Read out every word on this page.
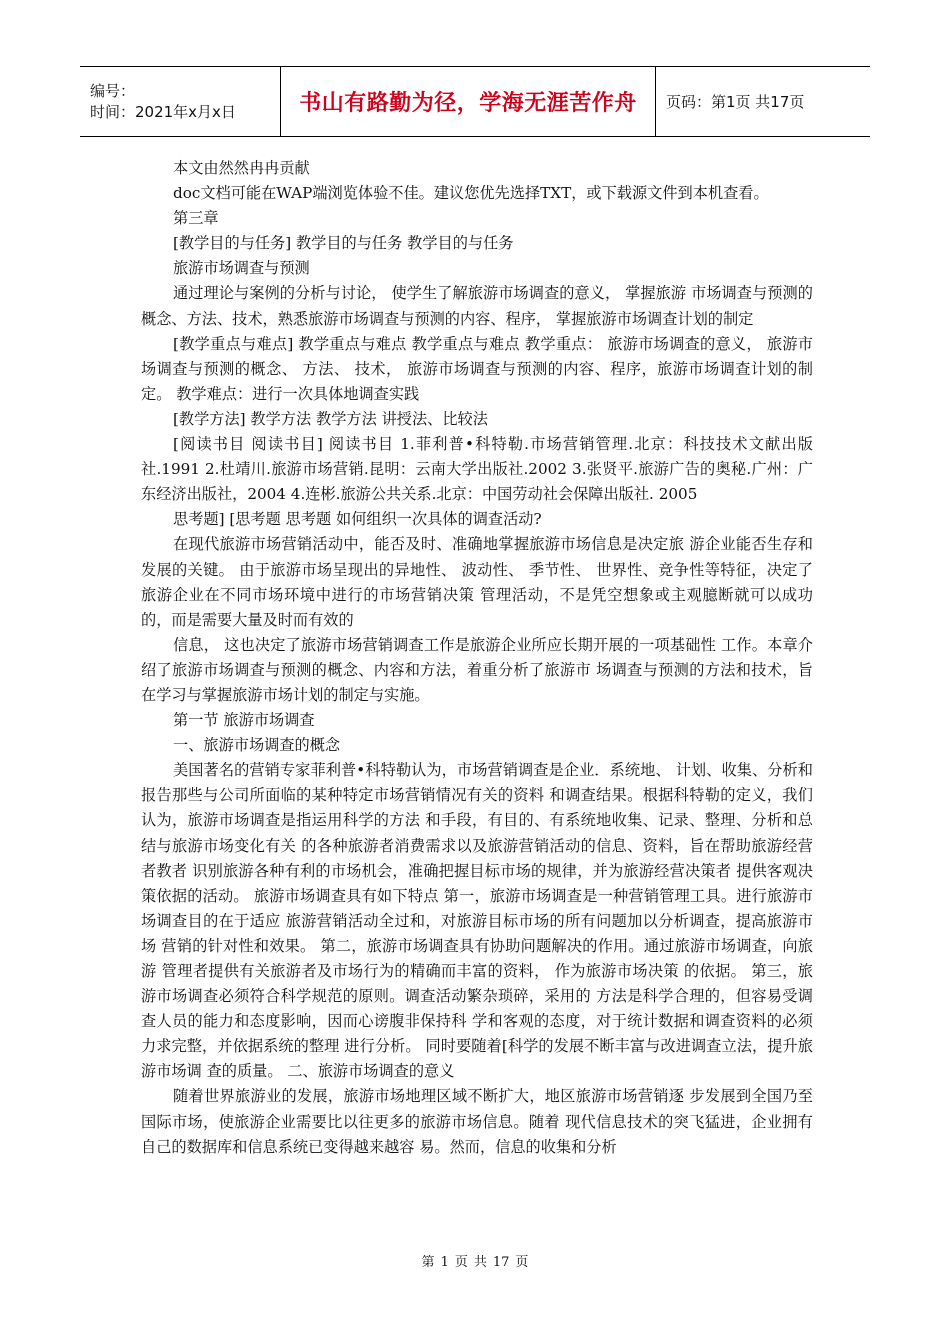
编号：
时间：2021年x月x日	书山有路勤为径，学海无涯苦作舟 页码：第1页 共17页

本文由然然冉冉贡献

doc文档可能在WAP端浏览体验不佳。建议您优先选择TXT，或下载源文件到本机查看。

第三章

[教学目的与任务] 教学目的与任务 教学目的与任务

旅游市场调查与预测

通过理论与案例的分析与讨论， 使学生了解旅游市场调查的意义， 掌握旅游 市场调查与预测的概念、方法、技术，熟悉旅游市场调查与预测的内容、程序， 掌握旅游市场调查计划的制定

[教学重点与难点] 教学重点与难点 教学重点与难点 教学重点： 旅游市场调查的意义， 旅游市场调查与预测的概念、 方法、 技术， 旅游市场调查与预测的内容、程序，旅游市场调查计划的制定。 教学难点：进行一次具体地调查实践

[教学方法] 教学方法 教学方法 讲授法、比较法

[阅读书目 阅读书目] 阅读书目 1.菲利普•科特勒.市场营销管理.北京：科技技术文献出版社.1991 2.杜靖川.旅游市场营销.昆明：云南大学出版社.2002 3.张贤平.旅游广告的奥秘.广州：广东经济出版社，2004 4.连彬.旅游公共关系.北京：中国劳动社会保障出版社. 2005

思考题] [思考题 思考题 如何组织一次具体的调查活动?

在现代旅游市场营销活动中，能否及时、准确地掌握旅游市场信息是决定旅 游企业能否生存和发展的关键。 由于旅游市场呈现出的异地性、 波动性、 季节性、 世界性、竞争性等特征，决定了旅游企业在不同市场环境中进行的市场营销决策 管理活动，不是凭空想象或主观臆断就可以成功的，而是需要大量及时而有效的

信息， 这也决定了旅游市场营销调查工作是旅游企业所应长期开展的一项基础性 工作。本章介绍了旅游市场调查与预测的概念、内容和方法，着重分析了旅游市 场调查与预测的方法和技术，旨在学习与掌握旅游市场计划的制定与实施。

第一节 旅游市场调查

一、旅游市场调查的概念

美国著名的营销专家菲利普•科特勒认为，市场营销调查是企业．系统地、 计划、收集、分析和报告那些与公司所面临的某种特定市场营销情况有关的资料 和调查结果。根据科特勒的定义，我们认为，旅游市场调查是指运用科学的方法 和手段，有目的、有系统地收集、记录、整理、分析和总结与旅游市场变化有关 的各种旅游者消费需求以及旅游营销活动的信息、资料，旨在帮助旅游经营者教者 识别旅游各种有利的市场机会，准确把握目标市场的规律，并为旅游经营决策者 提供客观决策依据的活动。 旅游市场调查具有如下特点 第一，旅游市场调查是一种营销管理工具。进行旅游市场调查目的在于适应 旅游营销活动全过和，对旅游目标市场的所有问题加以分析调查，提高旅游市场 营销的针对性和效果。 第二，旅游市场调查具有协助问题解决的作用。通过旅游市场调查，向旅游 管理者提供有关旅游者及市场行为的精确而丰富的资料， 作为旅游市场决策 的依据。 第三，旅游市场调查必须符合科学规范的原则。调查活动繁杂琐碎，采用的 方法是科学合理的，但容易受调查人员的能力和态度影响，因而心谤腹非保持科 学和客观的态度，对于统计数据和调查资料的必须力求完整，并依据系统的整理 进行分析。 同时要随着[科学的发展不断丰富与改进调查立法，提升旅游市场调 查的质量。 二、旅游市场调查的意义

随着世界旅游业的发展，旅游市场地理区域不断扩大，地区旅游市场营销逐 步发展到全国乃至国际市场，使旅游企业需要比以往更多的旅游市场信息。随着 现代信息技术的突飞猛进，企业拥有自己的数据库和信息系统已变得越来越容 易。然而，信息的收集和分析

第 1 页 共 17 页
